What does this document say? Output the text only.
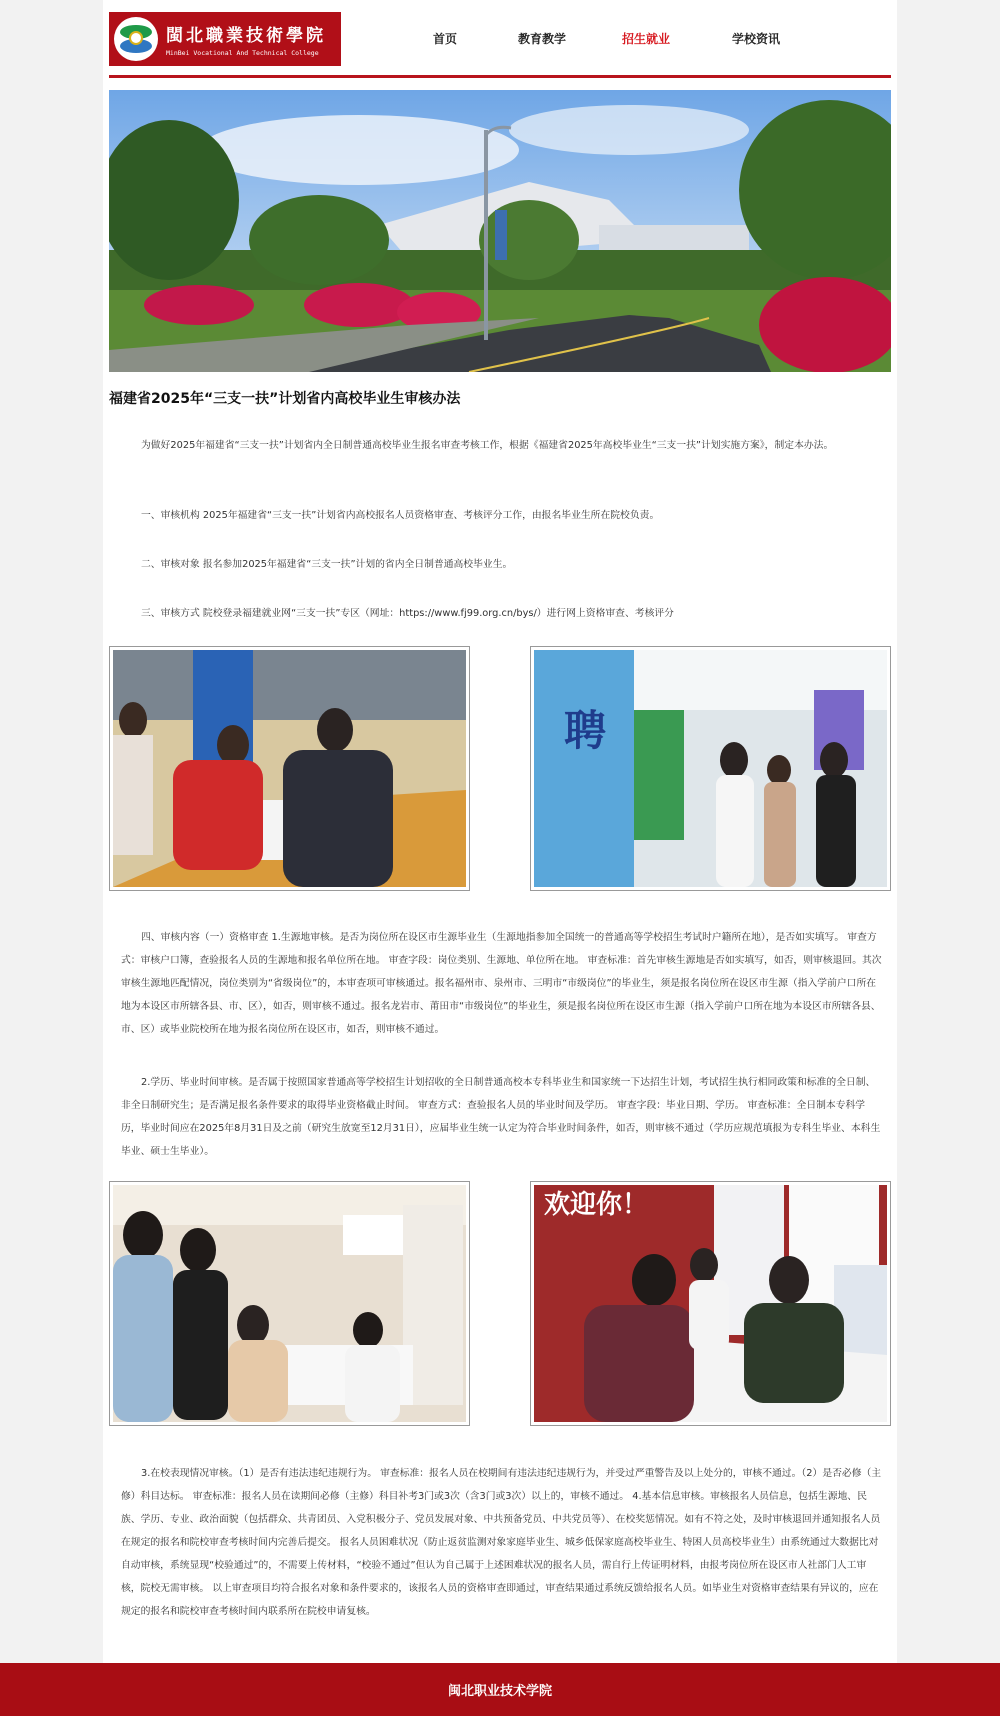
閩北職業技術學院
MinBei Vocational And Technical College
首页	教育教学	招生就业	学校资讯
福建省2025年“三支一扶”计划省内高校毕业生审核办法

为做好2025年福建省“三支一扶”计划省内全日制普通高校毕业生报名审查考核工作，根据《福建省2025年高校毕业生“三支一扶”计划实施方案》，制定本办法。

一、审核机构 2025年福建省“三支一扶”计划省内高校报名人员资格审查、考核评分工作，由报名毕业生所在院校负责。

二、审核对象 报名参加2025年福建省“三支一扶”计划的省内全日制普通高校毕业生。

三、审核方式 院校登录福建就业网“三支一扶”专区（网址：https://www.fj99.org.cn/bys/）进行网上资格审查、考核评分

聘

四、审核内容（一）资格审查 1.生源地审核。是否为岗位所在设区市生源毕业生（生源地指参加全国统一的普通高等学校招生考试时户籍所在地），是否如实填写。 审查方式：审核户口簿，查验报名人员的生源地和报名单位所在地。 审查字段：岗位类别、生源地、单位所在地。 审查标准：首先审核生源地是否如实填写，如否，则审核退回。其次审核生源地匹配情况，岗位类别为“省级岗位”的，本审查项可审核通过。报名福州市、泉州市、三明市“市级岗位”的毕业生，须是报名岗位所在设区市生源（指入学前户口所在地为本设区市所辖各县、市、区），如否，则审核不通过。报名龙岩市、莆田市“市级岗位”的毕业生，须是报名岗位所在设区市生源（指入学前户口所在地为本设区市所辖各县、市、区）或毕业院校所在地为报名岗位所在设区市，如否，则审核不通过。

2.学历、毕业时间审核。是否属于按照国家普通高等学校招生计划招收的全日制普通高校本专科毕业生和国家统一下达招生计划，考试招生执行相同政策和标准的全日制、非全日制研究生；是否满足报名条件要求的取得毕业资格截止时间。 审查方式：查验报名人员的毕业时间及学历。 审查字段：毕业日期、学历。 审查标准：全日制本专科学历，毕业时间应在2025年8月31日及之前（研究生放宽至12月31日），应届毕业生统一认定为符合毕业时间条件，如否，则审核不通过（学历应规范填报为专科生毕业、本科生毕业、硕士生毕业）。

欢迎你！

3.在校表现情况审核。（1）是否有违法违纪违规行为。 审查标准：报名人员在校期间有违法违纪违规行为，并受过严重警告及以上处分的，审核不通过。（2）是否必修（主修）科目达标。 审查标准：报名人员在读期间必修（主修）科目补考3门或3次（含3门或3次）以上的，审核不通过。 4.基本信息审核。审核报名人员信息，包括生源地、民族、学历、专业、政治面貌（包括群众、共青团员、入党积极分子、党员发展对象、中共预备党员、中共党员等）、在校奖惩情况。如有不符之处，及时审核退回并通知报名人员在规定的报名和院校审查考核时间内完善后提交。 报名人员困难状况（防止返贫监测对象家庭毕业生、城乡低保家庭高校毕业生、特困人员高校毕业生）由系统通过大数据比对自动审核，系统显现“校验通过”的，不需要上传材料，“校验不通过”但认为自己属于上述困难状况的报名人员，需自行上传证明材料，由报考岗位所在设区市人社部门人工审核，院校无需审核。 以上审查项目均符合报名对象和条件要求的，该报名人员的资格审查即通过，审查结果通过系统反馈给报名人员。如毕业生对资格审查结果有异议的，应在规定的报名和院校审查考核时间内联系所在院校申请复核。

闽北职业技术学院
